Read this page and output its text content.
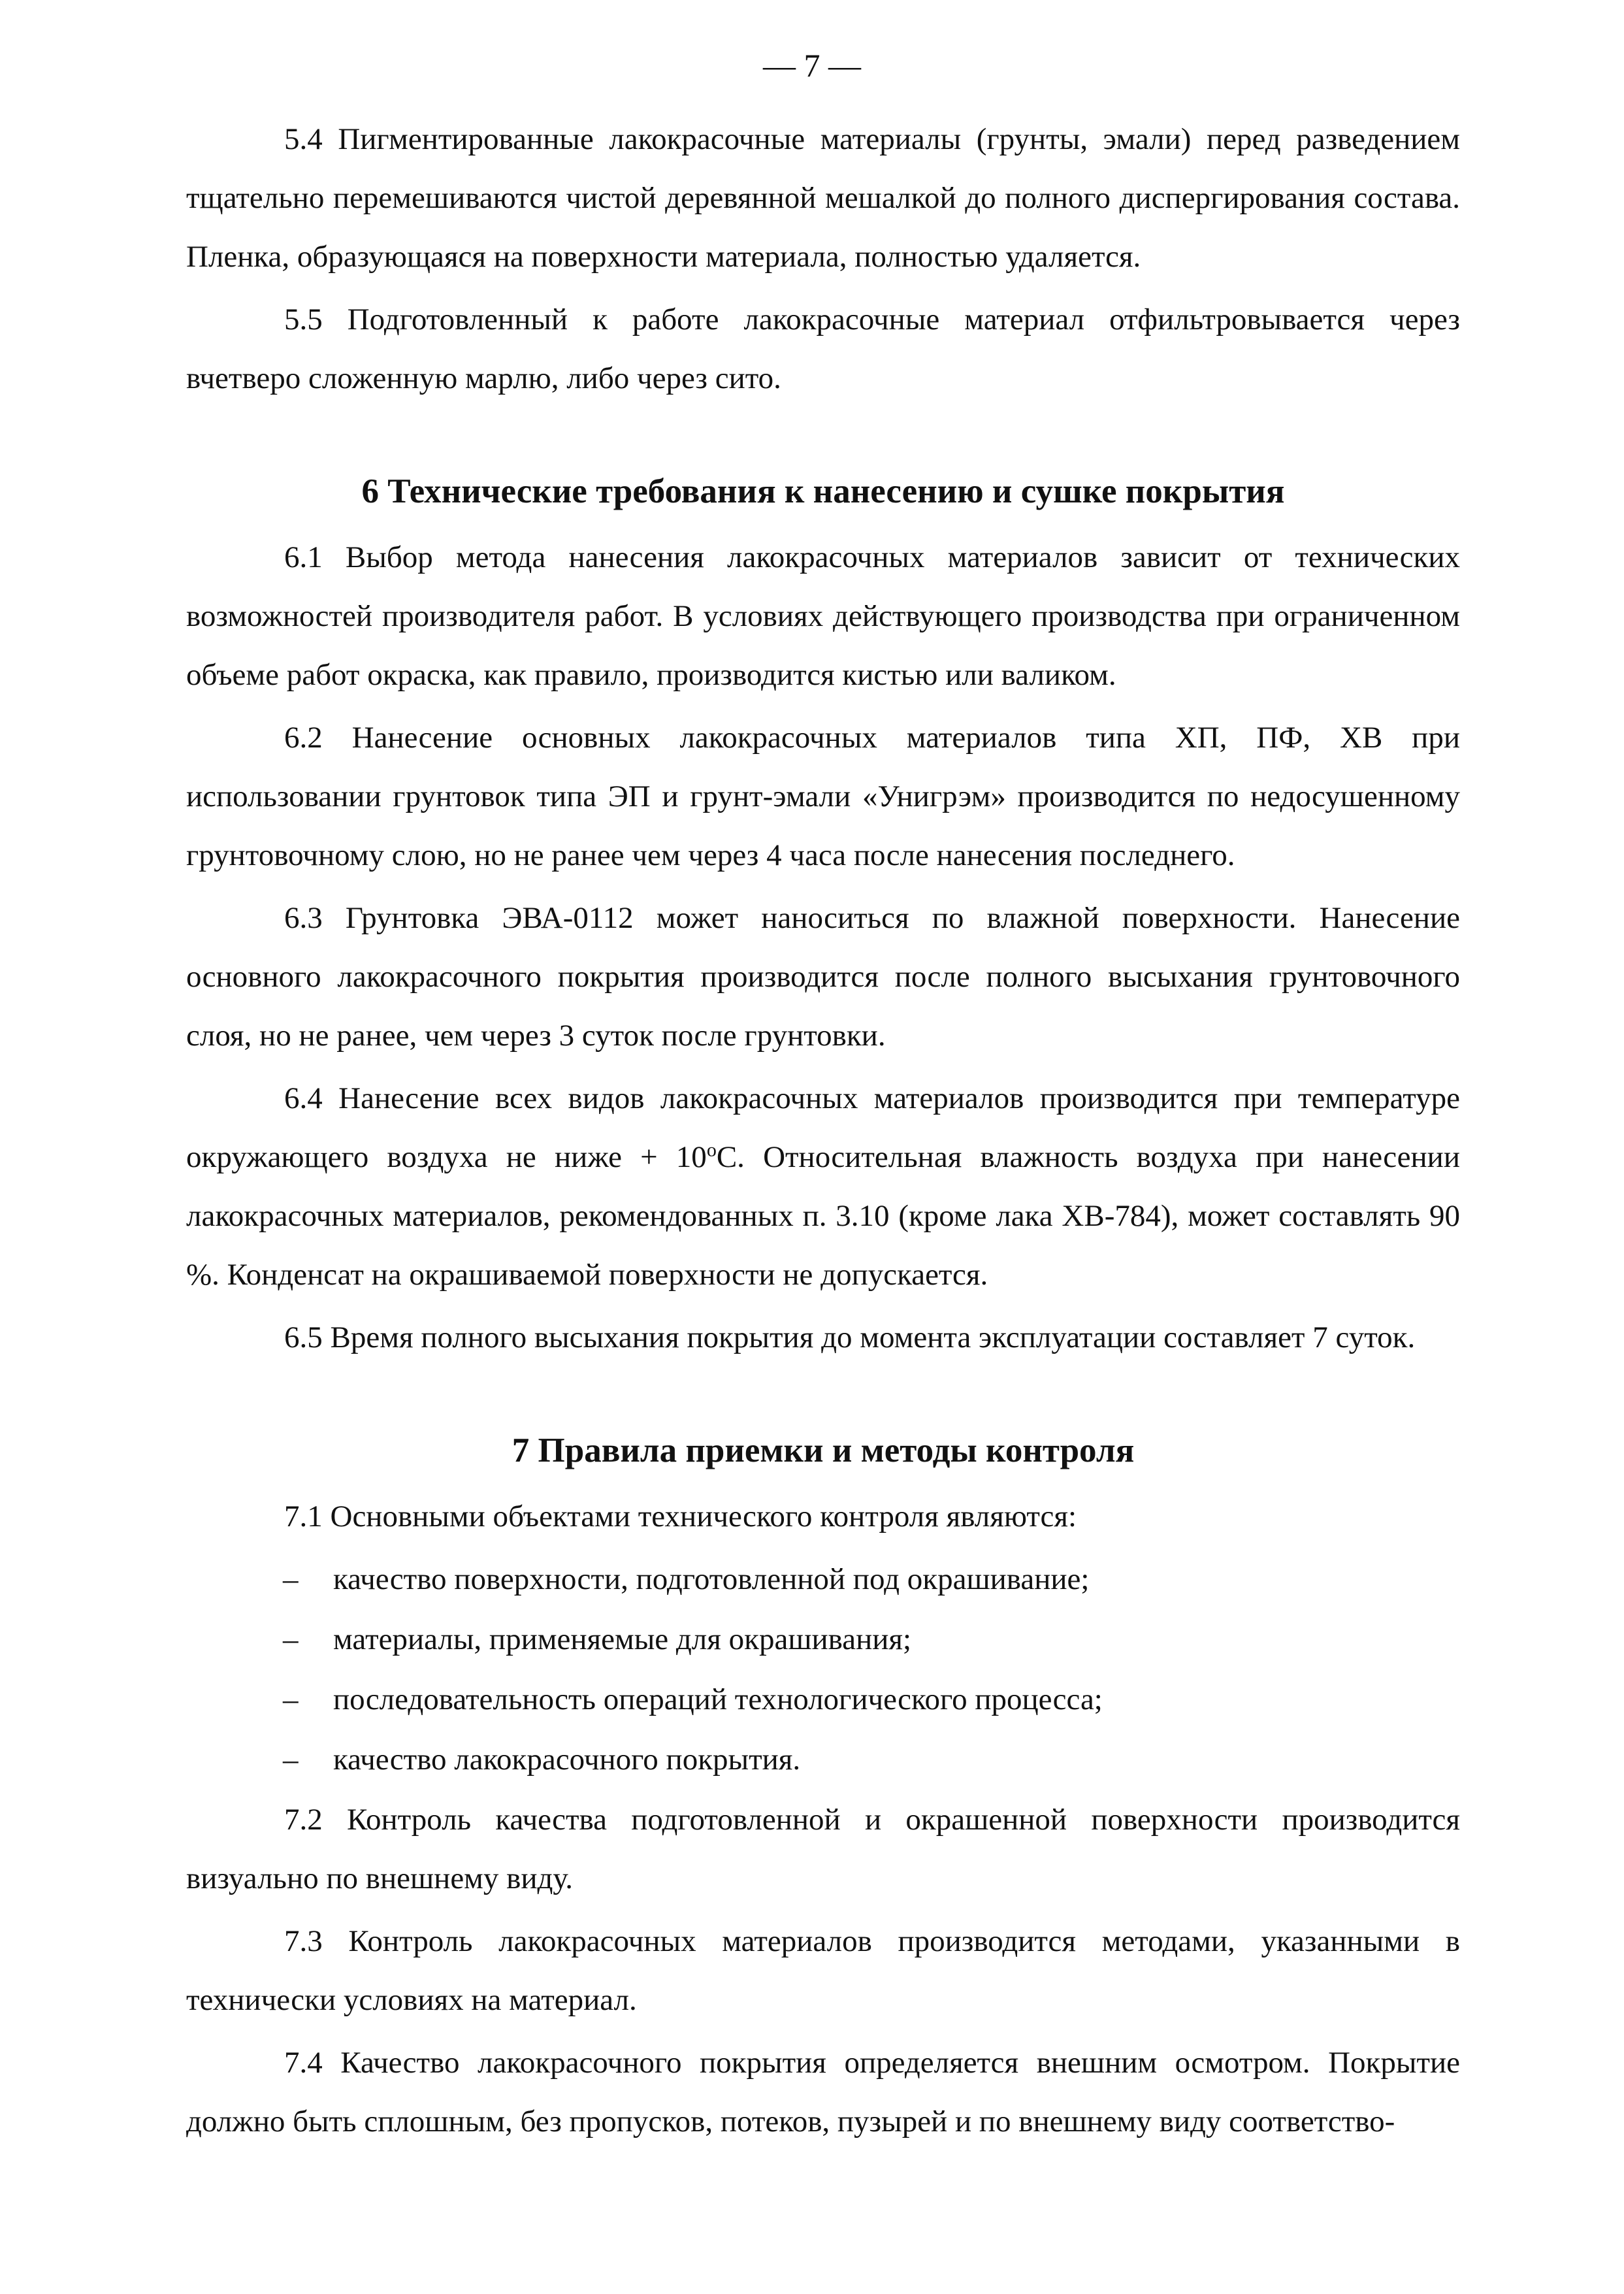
— 7 —

5.4 Пигментированные лакокрасочные материалы (грунты, эмали) перед разведением тщательно перемешиваются чистой деревянной мешалкой до полного диспергирования состава. Пленка, образующаяся на поверхности материала, полностью удаляется.

5.5 Подготовленный к работе лакокрасочные материал отфильтровывается через вчетверо сложенную марлю, либо через сито.

6 Технические требования к нанесению и сушке покрытия

6.1 Выбор метода нанесения лакокрасочных материалов зависит от технических возможностей производителя работ. В условиях действующего производства при ограниченном объеме работ окраска, как правило, производится кистью или валиком.

6.2 Нанесение основных лакокрасочных материалов типа ХП, ПФ, ХВ при использовании грунтовок типа ЭП и грунт-эмали «Унигрэм» производится по недосушенному грунтовочному слою, но не ранее чем через 4 часа после нанесения последнего.

6.3 Грунтовка ЭВА-0112 может наноситься по влажной поверхности. Нанесение основного лакокрасочного покрытия производится после полного высыхания грунтовочного слоя, но не ранее, чем через 3 суток после грунтовки.

6.4 Нанесение всех видов лакокрасочных материалов производится при температуре окружающего воздуха не ниже + $10^оС$. Относительная влажность воздуха при нанесении лакокрасочных материалов, рекомендованных п. 3.10 (кроме лака ХВ-784), может составлять 90 %. Конденсат на окрашиваемой поверхности не допускается.

6.5 Время полного высыхания покрытия до момента эксплуатации составляет 7 суток.

7 Правила приемки и методы контроля

7.1 Основными объектами технического контроля являются:

– качество поверхности, подготовленной под окрашивание;
– материалы, применяемые для окрашивания;
– последовательность операций технологического процесса;
– качество лакокрасочного покрытия.

7.2 Контроль качества подготовленной и окрашенной поверхности производится визуально по внешнему виду.

7.3 Контроль лакокрасочных материалов производится методами, указанными в технически условиях на материал.

7.4 Качество лакокрасочного покрытия определяется внешним осмотром. Покрытие должно быть сплошным, без пропусков, потеков, пузырей и по внешнему виду соответство-
